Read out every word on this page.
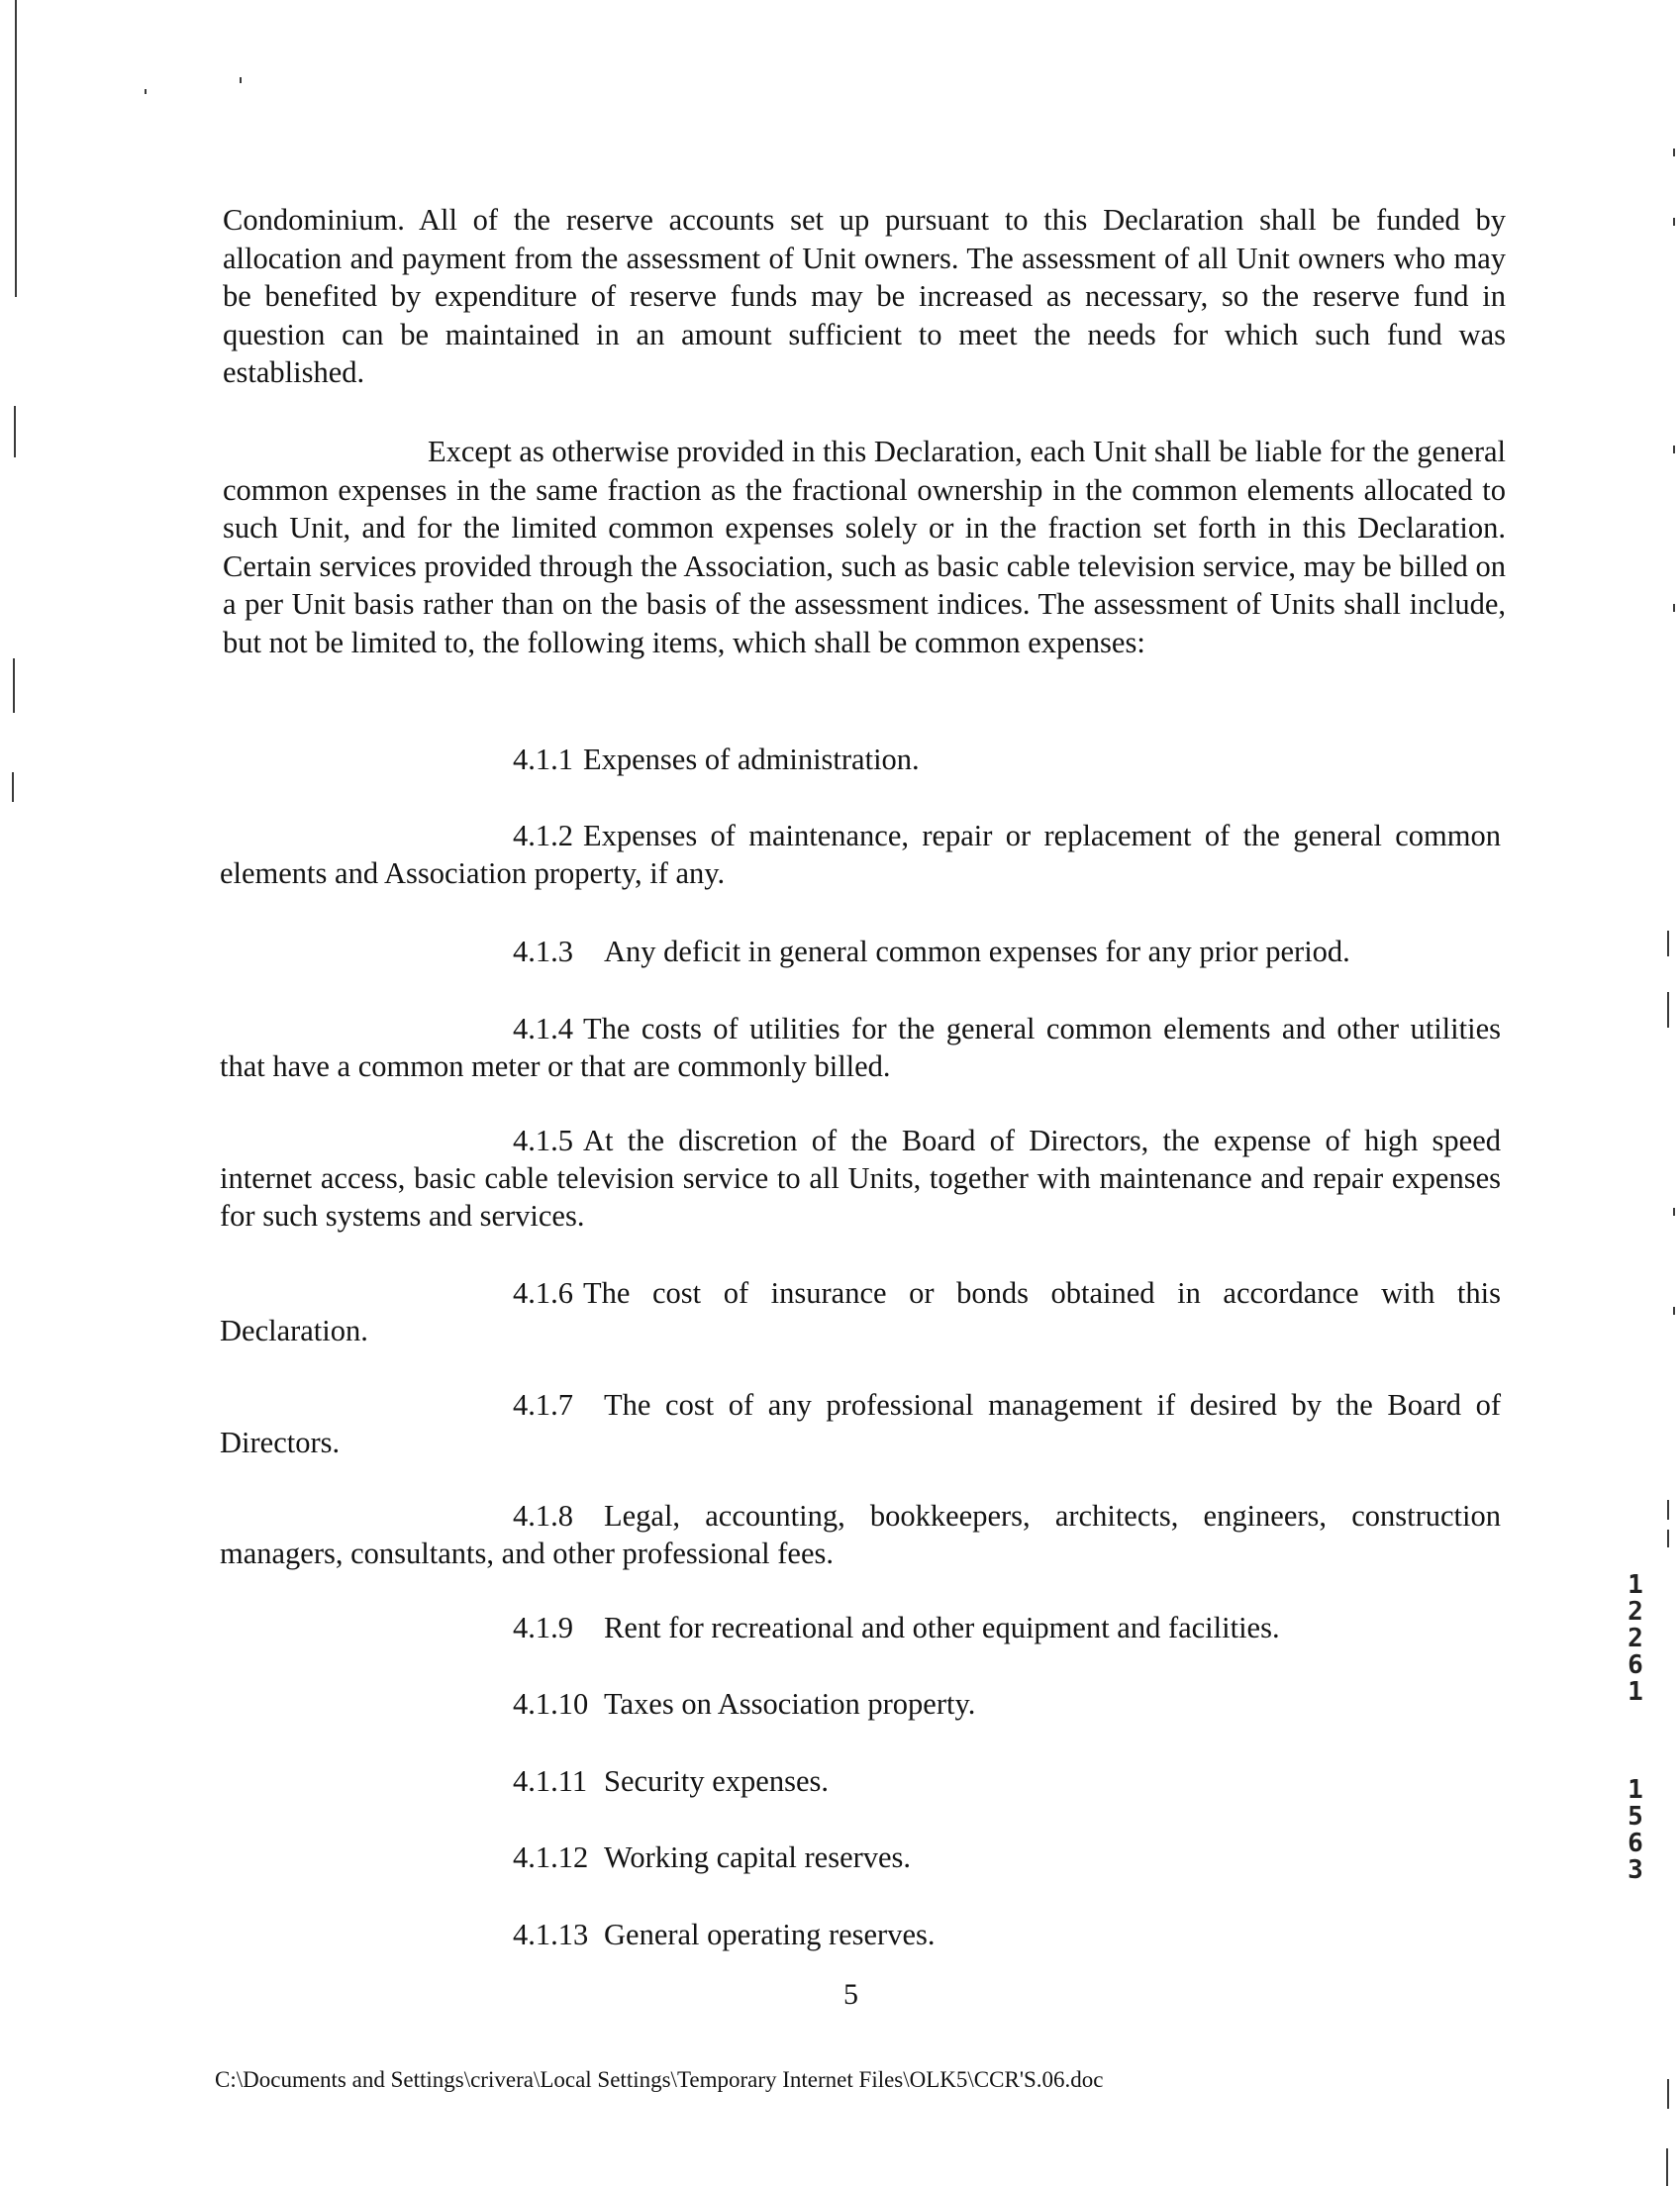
Condominium. All of the reserve accounts set up pursuant to this Declaration shall be funded by allocation and payment from the assessment of Unit owners. The assessment of all Unit owners who may be benefited by expenditure of reserve funds may be increased as necessary, so the reserve fund in question can be maintained in an amount sufficient to meet the needs for which such fund was established.

Except as otherwise provided in this Declaration, each Unit shall be liable for the general common expenses in the same fraction as the fractional ownership in the common elements allocated to such Unit, and for the limited common expenses solely or in the fraction set forth in this Declaration. Certain services provided through the Association, such as basic cable television service, may be billed on a per Unit basis rather than on the basis of the assessment indices. The assessment of Units shall include, but not be limited to, the following items, which shall be common expenses:

4.1.1 Expenses of administration.

4.1.2 Expenses of maintenance, repair or replacement of the general common elements and Association property, if any.

4.1.3 Any deficit in general common expenses for any prior period.

4.1.4 The costs of utilities for the general common elements and other utilities that have a common meter or that are commonly billed.

4.1.5 At the discretion of the Board of Directors, the expense of high speed internet access, basic cable television service to all Units, together with maintenance and repair expenses for such systems and services.

4.1.6 The cost of insurance or bonds obtained in accordance with this Declaration.

4.1.7 The cost of any professional management if desired by the Board of Directors.

4.1.8 Legal, accounting, bookkeepers, architects, engineers, construction managers, consultants, and other professional fees.

4.1.9 Rent for recreational and other equipment and facilities.

4.1.10 Taxes on Association property.

4.1.11 Security expenses.

4.1.12 Working capital reserves.

4.1.13 General operating reserves.

5

C:\Documents and Settings\crivera\Local Settings\Temporary Internet Files\OLK5\CCR'S.06.doc

1
2
2
6
1
1
5
6
3
